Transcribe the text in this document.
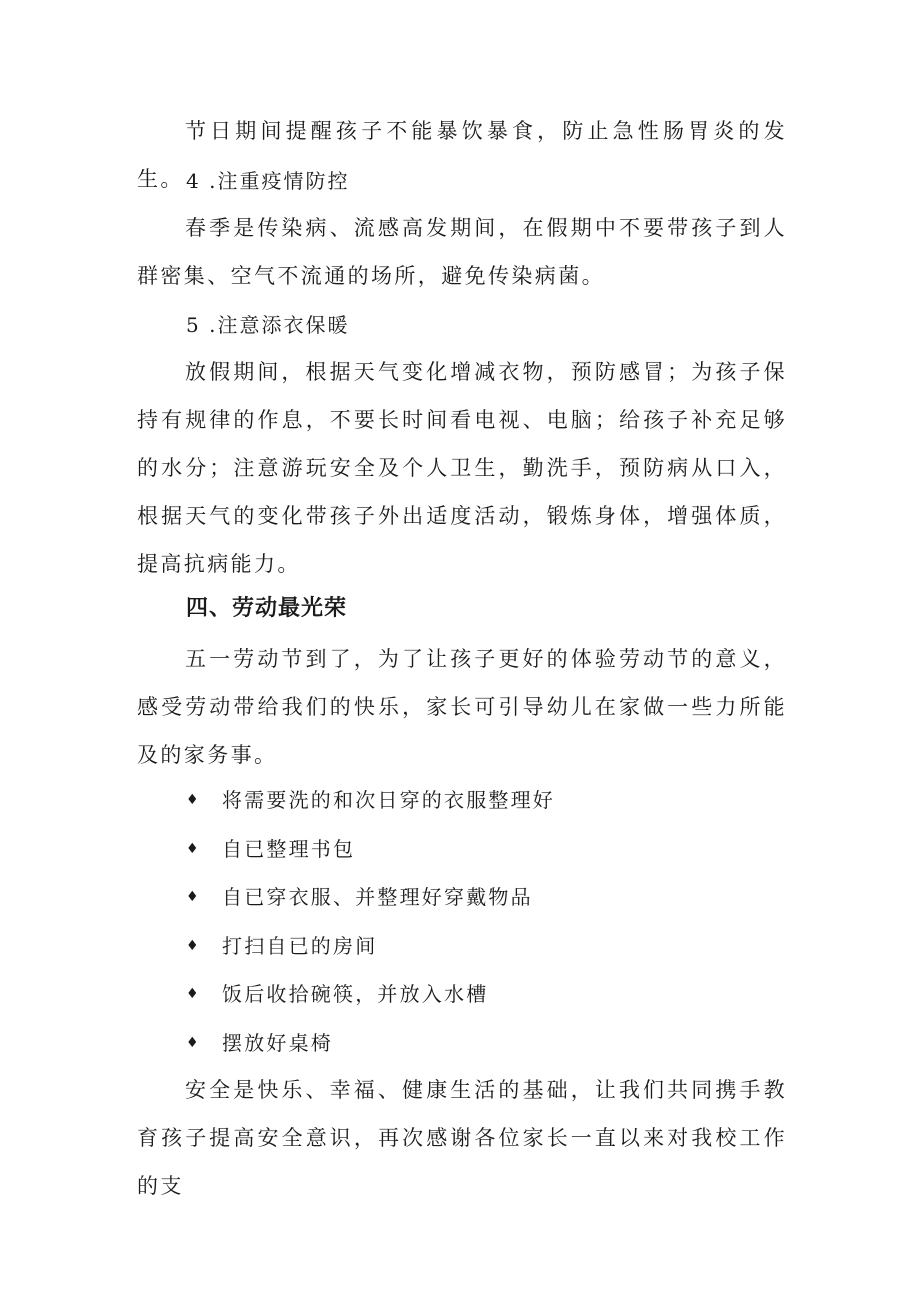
节日期间提醒孩子不能暴饮暴食，防止急性肠胃炎的发生。 4 .注重疫情防控

春季是传染病、流感高发期间，在假期中不要带孩子到人群密集、空气不流通的场所，避免传染病菌。

5 .注意添衣保暖

放假期间，根据天气变化增减衣物，预防感冒；为孩子保持有规律的作息，不要长时间看电视、电脑；给孩子补充足够的水分；注意游玩安全及个人卫生，勤洗手，预防病从口入，根据天气的变化带孩子外出适度活动，锻炼身体，增强体质，提高抗病能力。

四、劳动最光荣

五一劳动节到了，为了让孩子更好的体验劳动节的意义，感受劳动带给我们的快乐，家长可引导幼儿在家做一些力所能及的家务事。

♦	将需要洗的和次日穿的衣服整理好
♦	自已整理书包
♦	自已穿衣服、并整理好穿戴物品
♦	打扫自已的房间
♦	饭后收拾碗筷，并放入水槽
♦	摆放好桌椅

安全是快乐、幸福、健康生活的基础，让我们共同携手教育孩子提高安全意识，再次感谢各位家长一直以来对我校工作的支
